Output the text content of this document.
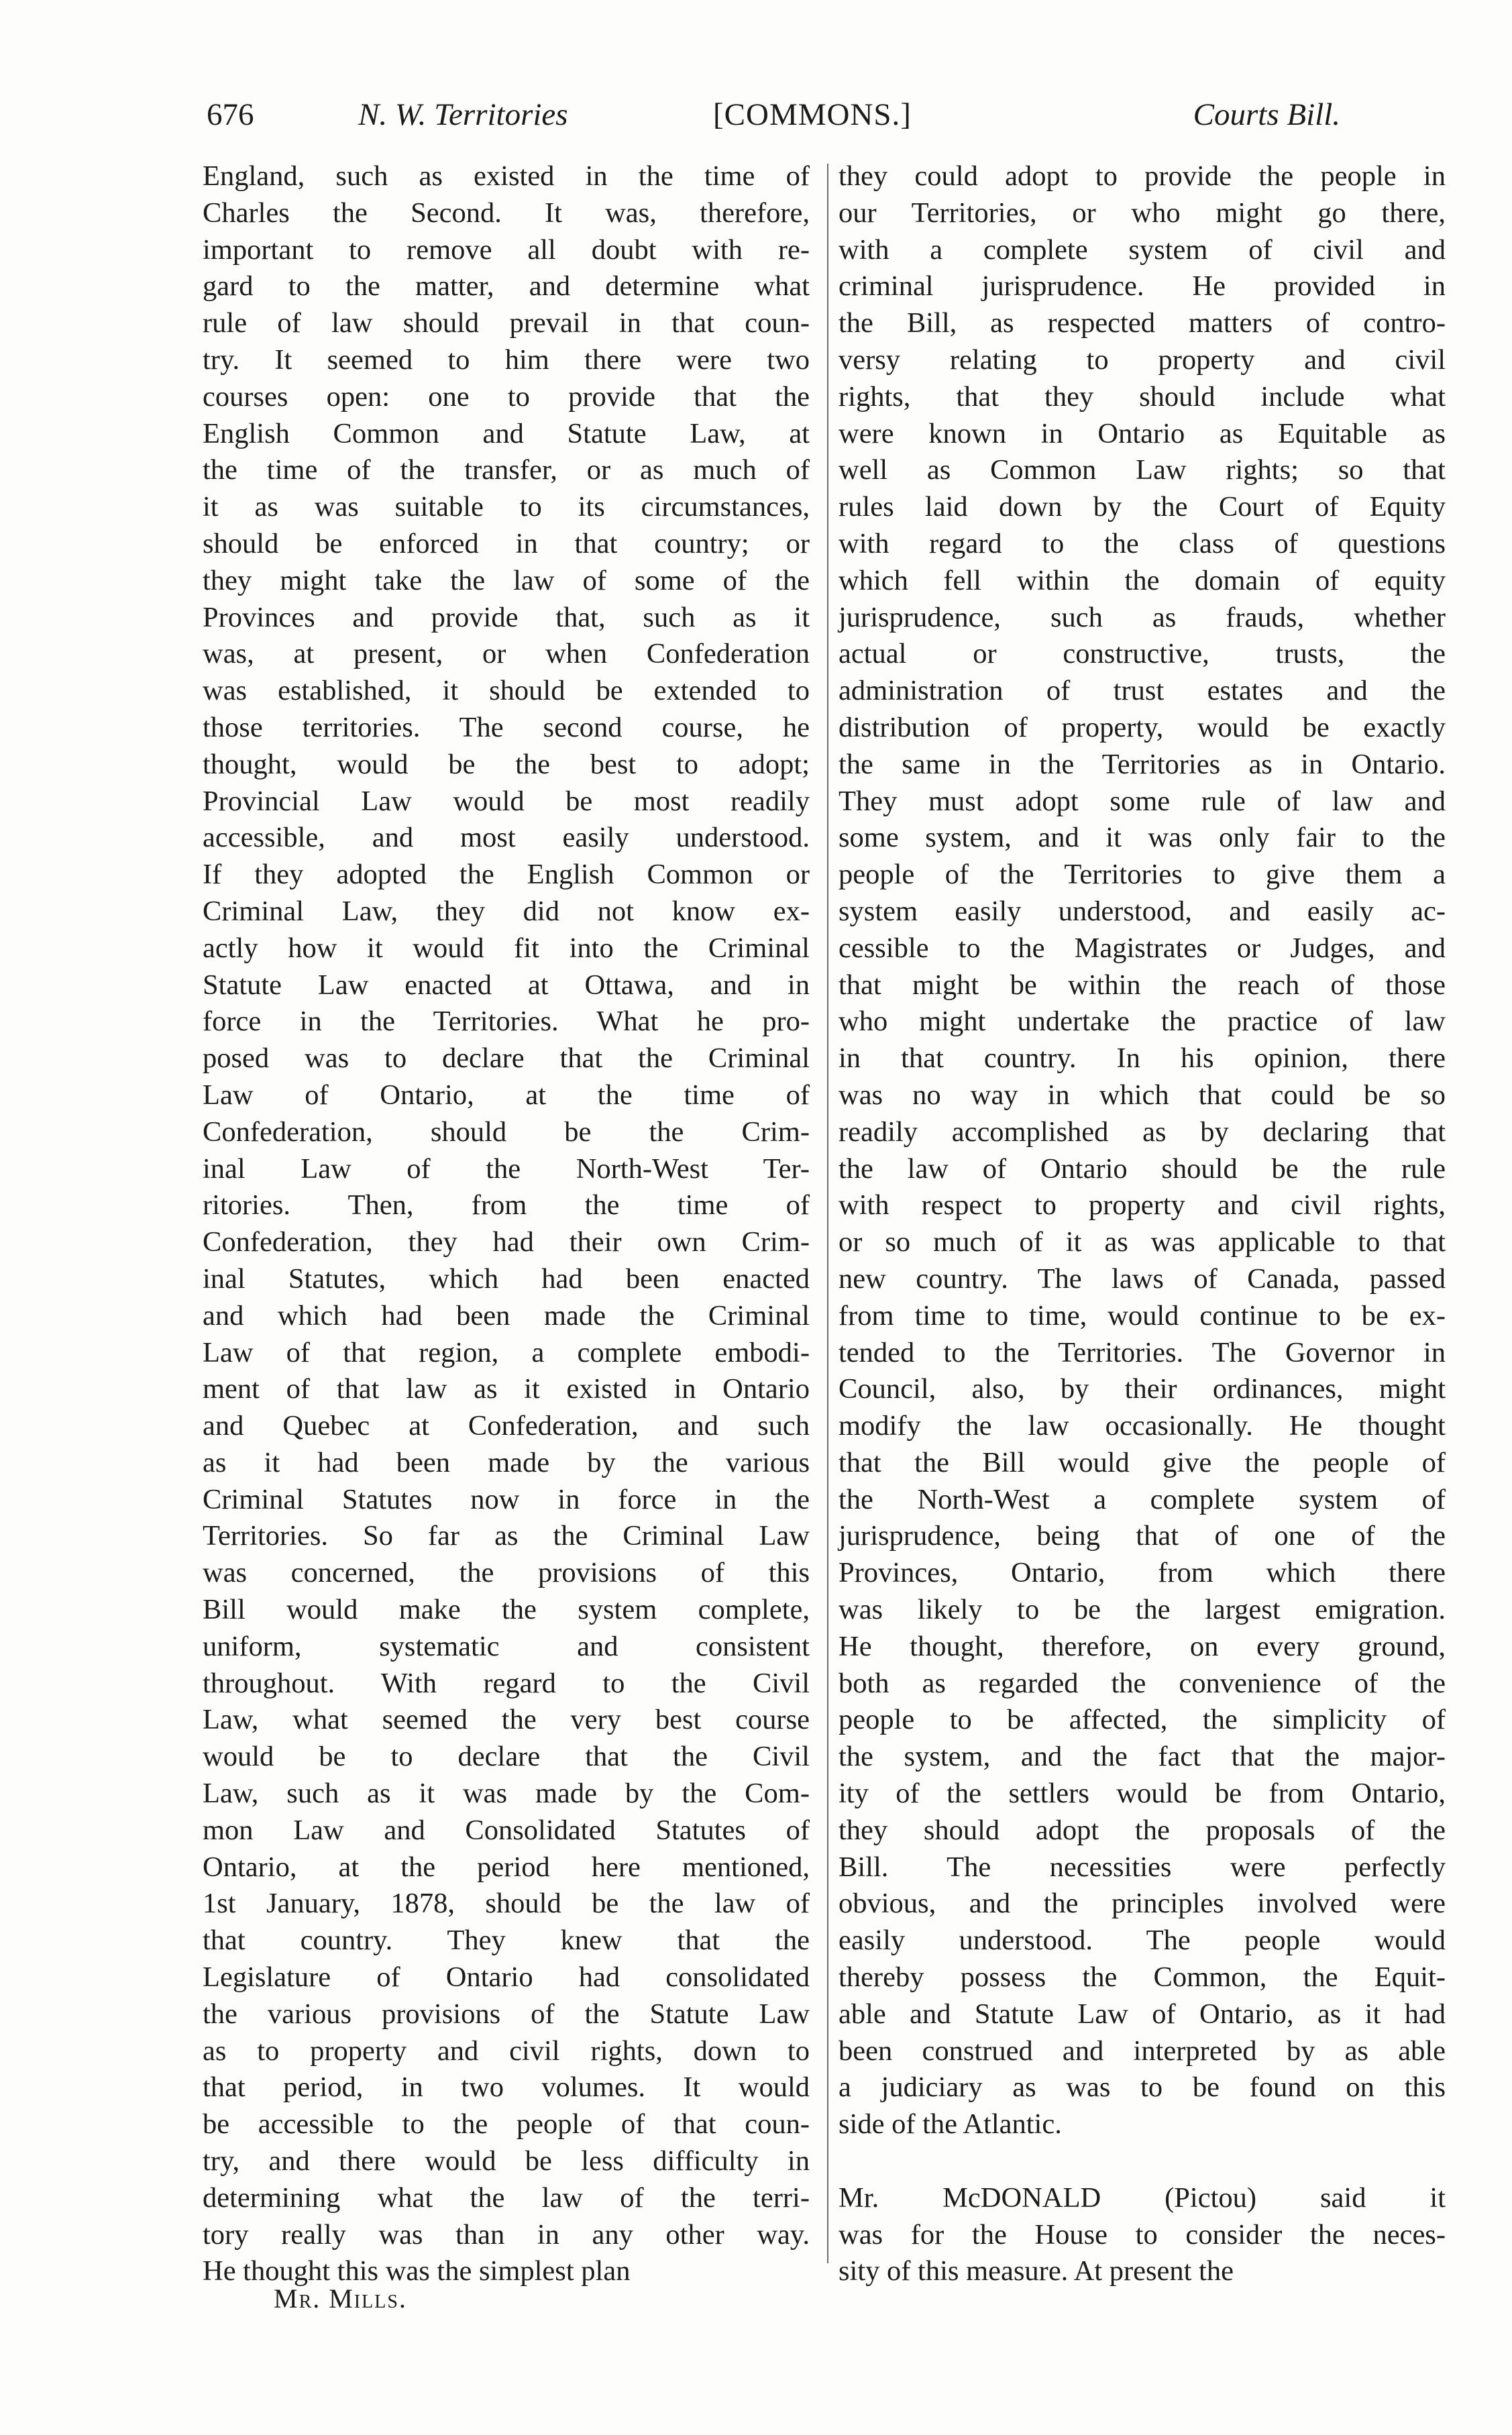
676	N. W. Territories	[COMMONS.]	Courts Bill.
England, such as existed in the time of
Charles the Second. It was, therefore,
important to remove all doubt with re-
gard to the matter, and determine what
rule of law should prevail in that coun-
try. It seemed to him there were two
courses open: one to provide that the
English Common and Statute Law, at
the time of the transfer, or as much of
it as was suitable to its circumstances,
should be enforced in that country; or
they might take the law of some of the
Provinces and provide that, such as it
was, at present, or when Confederation
was established, it should be extended to
those territories. The second course, he
thought, would be the best to adopt;
Provincial Law would be most readily
accessible, and most easily understood.
If they adopted the English Common or
Criminal Law, they did not know ex-
actly how it would fit into the Criminal
Statute Law enacted at Ottawa, and in
force in the Territories. What he pro-
posed was to declare that the Criminal
Law of Ontario, at the time of
Confederation, should be the Crim-
inal Law of the North-West Ter-
ritories. Then, from the time of
Confederation, they had their own Crim-
inal Statutes, which had been enacted
and which had been made the Criminal
Law of that region, a complete embodi-
ment of that law as it existed in Ontario
and Quebec at Confederation, and such
as it had been made by the various
Criminal Statutes now in force in the
Territories. So far as the Criminal Law
was concerned, the provisions of this
Bill would make the system complete,
uniform, systematic and consistent
throughout. With regard to the Civil
Law, what seemed the very best course
would be to declare that the Civil
Law, such as it was made by the Com-
mon Law and Consolidated Statutes of
Ontario, at the period here mentioned,
1st January, 1878, should be the law of
that country. They knew that the
Legislature of Ontario had consolidated
the various provisions of the Statute Law
as to property and civil rights, down to
that period, in two volumes. It would
be accessible to the people of that coun-
try, and there would be less difficulty in
determining what the law of the terri-
tory really was than in any other way.
He thought this was the simplest plan
they could adopt to provide the people in
our Territories, or who might go there,
with a complete system of civil and
criminal jurisprudence. He provided in
the Bill, as respected matters of contro-
versy relating to property and civil
rights, that they should include what
were known in Ontario as Equitable as
well as Common Law rights; so that
rules laid down by the Court of Equity
with regard to the class of questions
which fell within the domain of equity
jurisprudence, such as frauds, whether
actual or constructive, trusts, the
administration of trust estates and the
distribution of property, would be exactly
the same in the Territories as in Ontario.
They must adopt some rule of law and
some system, and it was only fair to the
people of the Territories to give them a
system easily understood, and easily ac-
cessible to the Magistrates or Judges, and
that might be within the reach of those
who might undertake the practice of law
in that country. In his opinion, there
was no way in which that could be so
readily accomplished as by declaring that
the law of Ontario should be the rule
with respect to property and civil rights,
or so much of it as was applicable to that
new country. The laws of Canada, passed
from time to time, would continue to be ex-
tended to the Territories. The Governor in
Council, also, by their ordinances, might
modify the law occasionally. He thought
that the Bill would give the people of
the North-West a complete system of
jurisprudence, being that of one of the
Provinces, Ontario, from which there
was likely to be the largest emigration.
He thought, therefore, on every ground,
both as regarded the convenience of the
people to be affected, the simplicity of
the system, and the fact that the major-
ity of the settlers would be from Ontario,
they should adopt the proposals of the
Bill. The necessities were perfectly
obvious, and the principles involved were
easily understood. The people would
thereby possess the Common, the Equit-
able and Statute Law of Ontario, as it had
been construed and interpreted by as able
a judiciary as was to be found on this
side of the Atlantic.
Mr. McDONALD (Pictou) said it
was for the House to consider the neces-
sity of this measure. At present the
Mr. Mills.
